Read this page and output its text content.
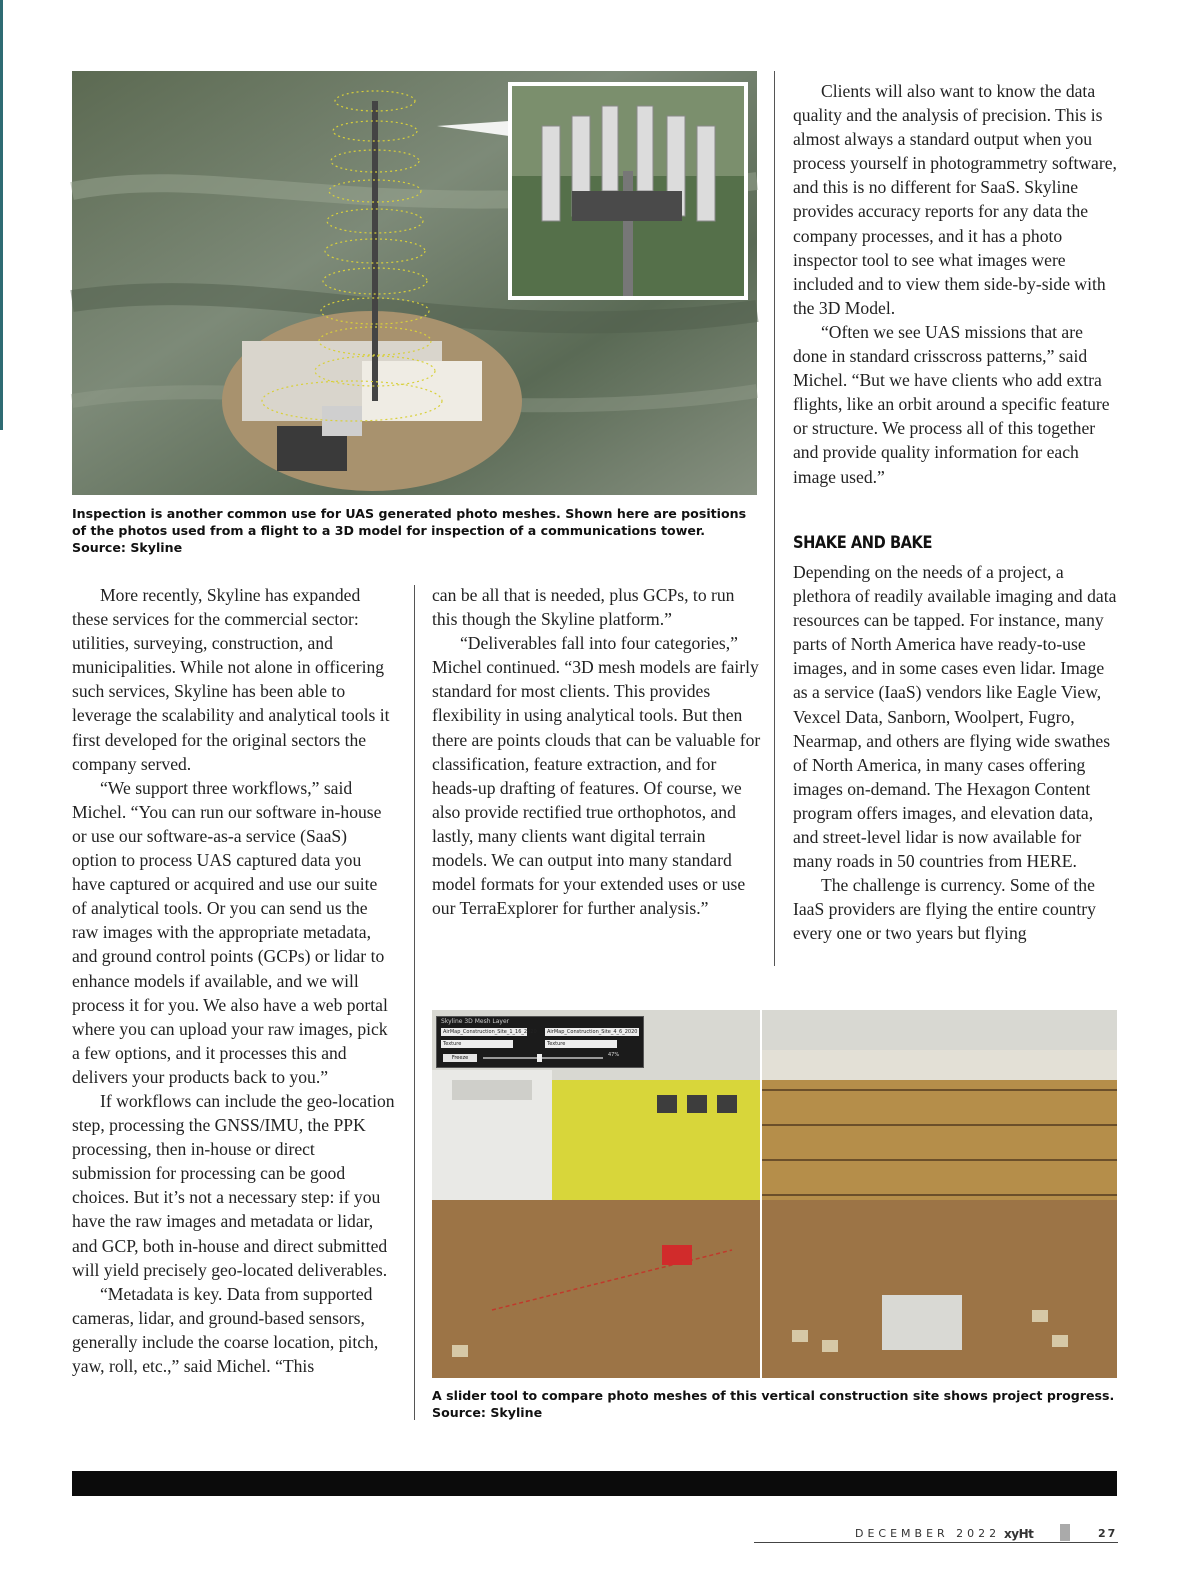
Inspection is another common use for UAS generated photo meshes. Shown here are positions of the photos used from a flight to a 3D model for inspection of a communications tower. Source: Skyline

More recently, Skyline has expanded these services for the commercial sector: utilities, surveying, construction, and municipalities. While not alone in officering such services, Skyline has been able to leverage the scalability and analytical tools it first developed for the original sectors the company served.

“We support three workflows,” said Michel. “You can run our software in-house or use our software-as-a service (SaaS) option to process UAS captured data you have captured or acquired and use our suite of analytical tools. Or you can send us the raw images with the appropriate metadata, and ground control points (GCPs) or lidar to enhance models if available, and we will process it for you. We also have a web portal where you can upload your raw images, pick a few options, and it processes this and delivers your products back to you.”

If workflows can include the geo-location step, processing the GNSS/IMU, the PPK processing, then in-house or direct submission for processing can be good choices. But it’s not a necessary step: if you have the raw images and metadata or lidar, and GCP, both in-house and direct submitted will yield precisely geo-located deliverables.

“Metadata is key. Data from supported cameras, lidar, and ground-based sensors, generally include the coarse location, pitch, yaw, roll, etc.,” said Michel. “This

can be all that is needed, plus GCPs, to run this though the Skyline platform.”

“Deliverables fall into four categories,” Michel continued. “3D mesh models are fairly standard for most clients. This provides flexibility in using analytical tools. But then there are points clouds that can be valuable for classification, feature extraction, and for heads-up drafting of features. Of course, we also provide rectified true orthophotos, and lastly, many clients want digital terrain models. We can output into many standard model formats for your extended uses or use our TerraExplorer for further analysis.”

Clients will also want to know the data quality and the analysis of precision. This is almost always a standard output when you process yourself in photogrammetry software, and this is no different for SaaS. Skyline provides accuracy reports for any data the company processes, and it has a photo inspector tool to see what images were included and to view them side-by-side with the 3D Model.

“Often we see UAS missions that are done in standard crisscross patterns,” said Michel. “But we have clients who add extra flights, like an orbit around a specific feature or structure. We process all of this together and provide quality information for each image used.”

SHAKE AND BAKE

Depending on the needs of a project, a plethora of readily available imaging and data resources can be tapped. For instance, many parts of North America have ready-to-use images, and in some cases even lidar. Image as a service (IaaS) vendors like Eagle View, Vexcel Data, Sanborn, Woolpert, Fugro, Nearmap, and others are flying wide swathes of North America, in many cases offering images on-demand. The Hexagon Content program offers images, and elevation data, and street-level lidar is now available for many roads in 50 countries from HERE.

The challenge is currency. Some of the IaaS providers are flying the entire country every one or two years but flying

Skyline 3D Mesh Layer
AirMap_Construction_Site_1_16_2020	AirMap_Construction_Site_4_6_2020
Texture	Texture
Freeze	47%

A slider tool to compare photo meshes of this vertical construction site shows project progress. Source: Skyline

DECEMBER 2022 xyHt	27
